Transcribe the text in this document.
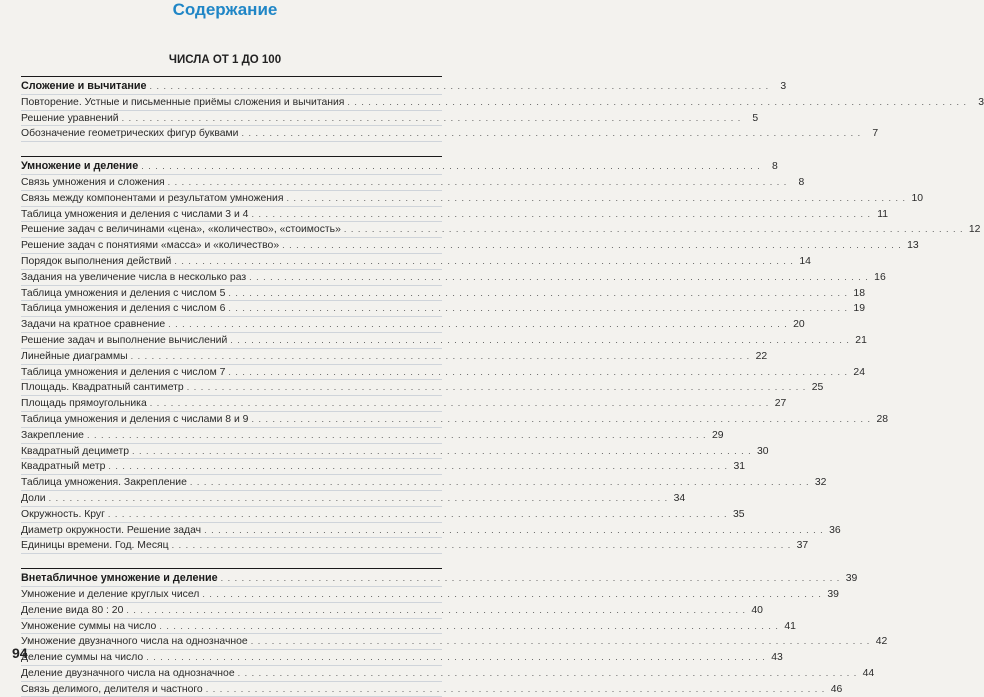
Содержание
ЧИСЛА ОТ 1 ДО 100
Сложение и вычитание . . .	3
Повторение. Устные и письменные приёмы сложения и вычитания . . .	3
Решение уравнений . . .	5
Обозначение геометрических фигур буквами . . .	7
Умножение и деление . . .	8
Связь умножения и сложения . . .	8
Связь между компонентами и результатом умножения . . .	10
Таблица умножения и деления с числами 3 и 4 . . .	11
Решение задач с величинами «цена», «количество», «стоимость» . . .	12
Решение задач с понятиями «масса» и «количество» . . .	13
Порядок выполнения действий . . .	14
Задания на увеличение числа в несколько раз . . .	16
Таблица умножения и деления с числом 5 . . .	18
Таблица умножения и деления с числом 6 . . .	19
Задачи на кратное сравнение . . .	20
Решение задач и выполнение вычислений . . .	21
Линейные диаграммы . . .	22
Таблица умножения и деления с числом 7 . . .	24
Площадь. Квадратный сантиметр . . .	25
Площадь прямоугольника . . .	27
Таблица умножения и деления с числами 8 и 9 . . .	28
Закрепление . . .	29
Квадратный дециметр . . .	30
Квадратный метр . . .	31
Таблица умножения. Закрепление . . .	32
Доли . . .	34
Окружность. Круг . . .	35
Диаметр окружности. Решение задач . . .	36
Единицы времени. Год. Месяц . . .	37
Внетабличное умножение и деление . . .	39
Умножение и деление круглых чисел . . .	39
Деление вида 80 : 20 . . .	40
Умножение суммы на число . . .	41
Умножение двузначного числа на однозначное . . .	42
Деление суммы на число . . .	43
Деление двузначного числа на однозначное . . .	44
Связь делимого, делителя и частного . . .	46
94
